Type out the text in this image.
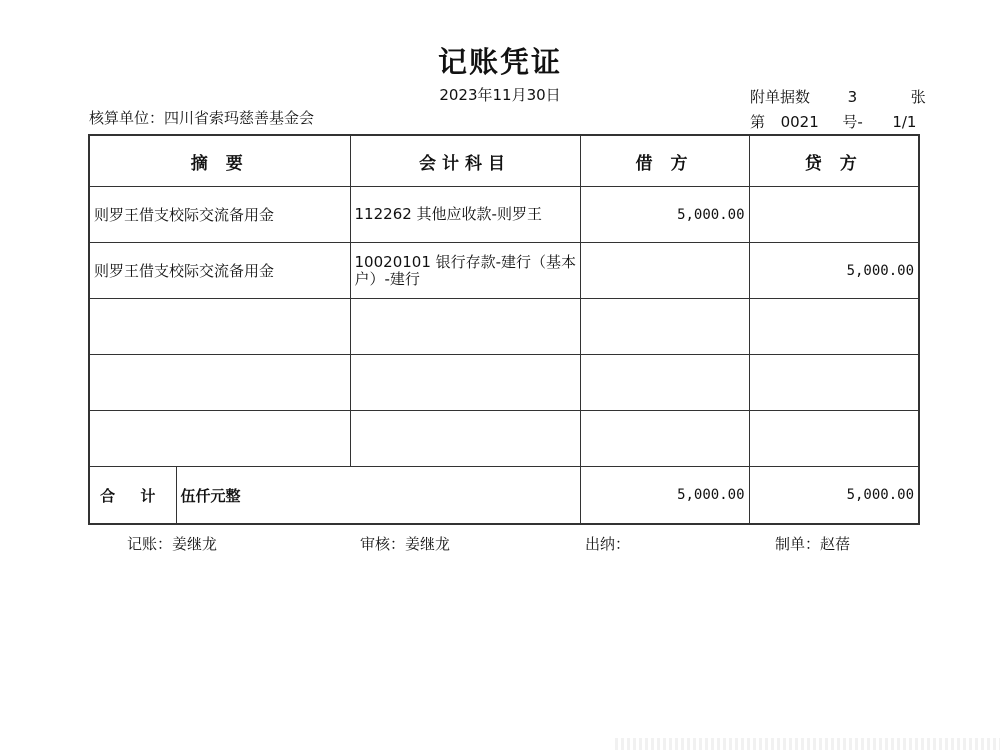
记账凭证
2023年11月30日	附单据数	3	张
核算单位：四川省索玛慈善基金会	第 0021 号- 1/1
摘 要		会计科目	借 方	贷 方
则罗王借支校际交流备用金		112262 其他应收款-则罗王	5,000.00	
则罗王借支校际交流备用金		10020101 银行存款-建行（基本户）-建行		5,000.00

合 计	伍仟元整		5,000.00	5,000.00
记账：姜继龙	审核：姜继龙	出纳：	制单：赵蓓
